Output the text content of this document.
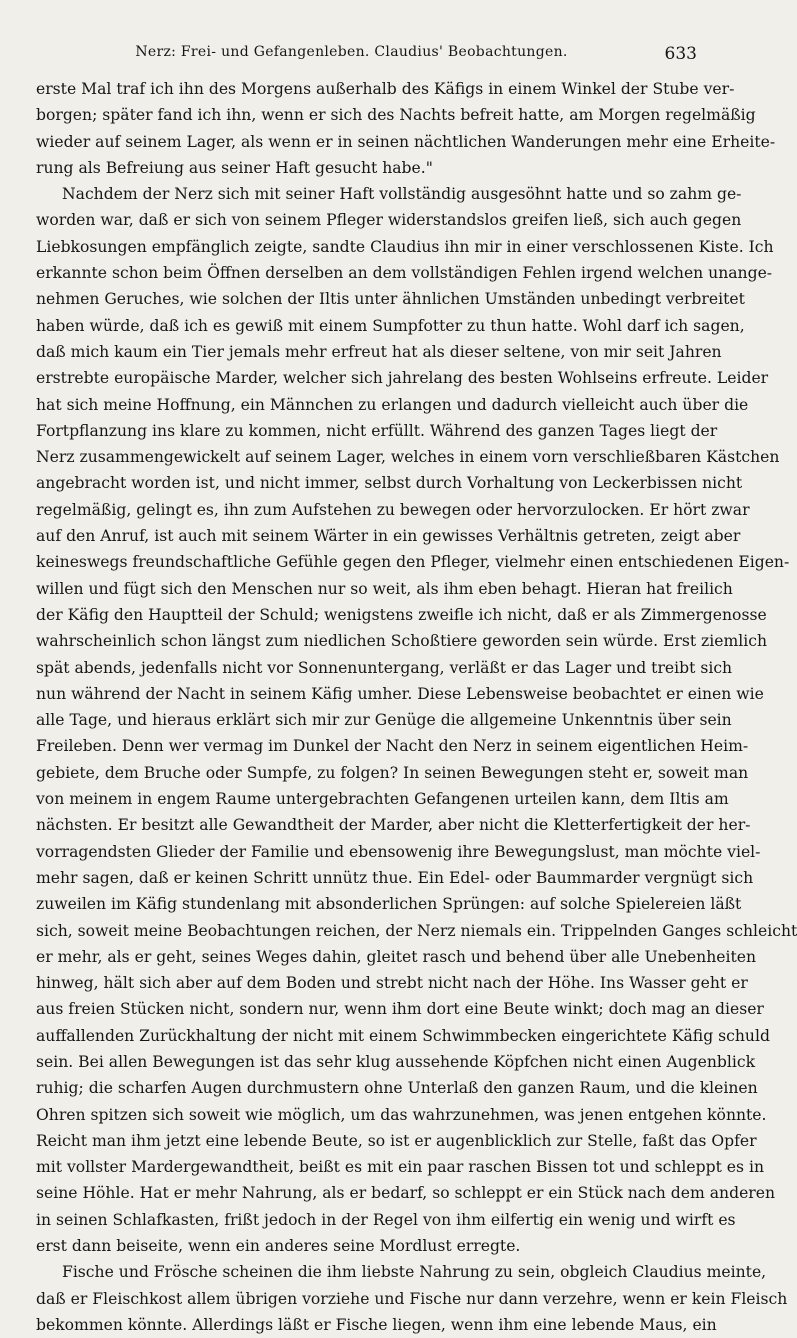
Nerz: Frei- und Gefangenleben. Claudius' Beobachtungen.	633
erste Mal traf ich ihn des Morgens außerhalb des Käfigs in einem Winkel der Stube ver-
borgen; später fand ich ihn, wenn er sich des Nachts befreit hatte, am Morgen regelmäßig
wieder auf seinem Lager, als wenn er in seinen nächtlichen Wanderungen mehr eine Erheite-
rung als Befreiung aus seiner Haft gesucht habe."
Nachdem der Nerz sich mit seiner Haft vollständig ausgesöhnt hatte und so zahm ge-
worden war, daß er sich von seinem Pfleger widerstandslos greifen ließ, sich auch gegen
Liebkosungen empfänglich zeigte, sandte Claudius ihn mir in einer verschlossenen Kiste. Ich
erkannte schon beim Öffnen derselben an dem vollständigen Fehlen irgend welchen unange-
nehmen Geruches, wie solchen der Iltis unter ähnlichen Umständen unbedingt verbreitet
haben würde, daß ich es gewiß mit einem Sumpfotter zu thun hatte. Wohl darf ich sagen,
daß mich kaum ein Tier jemals mehr erfreut hat als dieser seltene, von mir seit Jahren
erstrebte europäische Marder, welcher sich jahrelang des besten Wohlseins erfreute. Leider
hat sich meine Hoffnung, ein Männchen zu erlangen und dadurch vielleicht auch über die
Fortpflanzung ins klare zu kommen, nicht erfüllt. Während des ganzen Tages liegt der
Nerz zusammengewickelt auf seinem Lager, welches in einem vorn verschließbaren Kästchen
angebracht worden ist, und nicht immer, selbst durch Vorhaltung von Leckerbissen nicht
regelmäßig, gelingt es, ihn zum Aufstehen zu bewegen oder hervorzulocken. Er hört zwar
auf den Anruf, ist auch mit seinem Wärter in ein gewisses Verhältnis getreten, zeigt aber
keineswegs freundschaftliche Gefühle gegen den Pfleger, vielmehr einen entschiedenen Eigen-
willen und fügt sich den Menschen nur so weit, als ihm eben behagt. Hieran hat freilich
der Käfig den Hauptteil der Schuld; wenigstens zweifle ich nicht, daß er als Zimmergenosse
wahrscheinlich schon längst zum niedlichen Schoßtiere geworden sein würde. Erst ziemlich
spät abends, jedenfalls nicht vor Sonnenuntergang, verläßt er das Lager und treibt sich
nun während der Nacht in seinem Käfig umher. Diese Lebensweise beobachtet er einen wie
alle Tage, und hieraus erklärt sich mir zur Genüge die allgemeine Unkenntnis über sein
Freileben. Denn wer vermag im Dunkel der Nacht den Nerz in seinem eigentlichen Heim-
gebiete, dem Bruche oder Sumpfe, zu folgen? In seinen Bewegungen steht er, soweit man
von meinem in engem Raume untergebrachten Gefangenen urteilen kann, dem Iltis am
nächsten. Er besitzt alle Gewandtheit der Marder, aber nicht die Kletterfertigkeit der her-
vorragendsten Glieder der Familie und ebensowenig ihre Bewegungslust, man möchte viel-
mehr sagen, daß er keinen Schritt unnütz thue. Ein Edel- oder Baummarder vergnügt sich
zuweilen im Käfig stundenlang mit absonderlichen Sprüngen: auf solche Spielereien läßt
sich, soweit meine Beobachtungen reichen, der Nerz niemals ein. Trippelnden Ganges schleicht
er mehr, als er geht, seines Weges dahin, gleitet rasch und behend über alle Unebenheiten
hinweg, hält sich aber auf dem Boden und strebt nicht nach der Höhe. Ins Wasser geht er
aus freien Stücken nicht, sondern nur, wenn ihm dort eine Beute winkt; doch mag an dieser
auffallenden Zurückhaltung der nicht mit einem Schwimmbecken eingerichtete Käfig schuld
sein. Bei allen Bewegungen ist das sehr klug aussehende Köpfchen nicht einen Augenblick
ruhig; die scharfen Augen durchmustern ohne Unterlaß den ganzen Raum, und die kleinen
Ohren spitzen sich soweit wie möglich, um das wahrzunehmen, was jenen entgehen könnte.
Reicht man ihm jetzt eine lebende Beute, so ist er augenblicklich zur Stelle, faßt das Opfer
mit vollster Mardergewandtheit, beißt es mit ein paar raschen Bissen tot und schleppt es in
seine Höhle. Hat er mehr Nahrung, als er bedarf, so schleppt er ein Stück nach dem anderen
in seinen Schlafkasten, frißt jedoch in der Regel von ihm eilfertig ein wenig und wirft es
erst dann beiseite, wenn ein anderes seine Mordlust erregte.
Fische und Frösche scheinen die ihm liebste Nahrung zu sein, obgleich Claudius meinte,
daß er Fleischkost allem übrigen vorziehe und Fische nur dann verzehre, wenn er kein Fleisch
bekommen könnte. Allerdings läßt er Fische liegen, wenn ihm eine lebende Maus, ein
